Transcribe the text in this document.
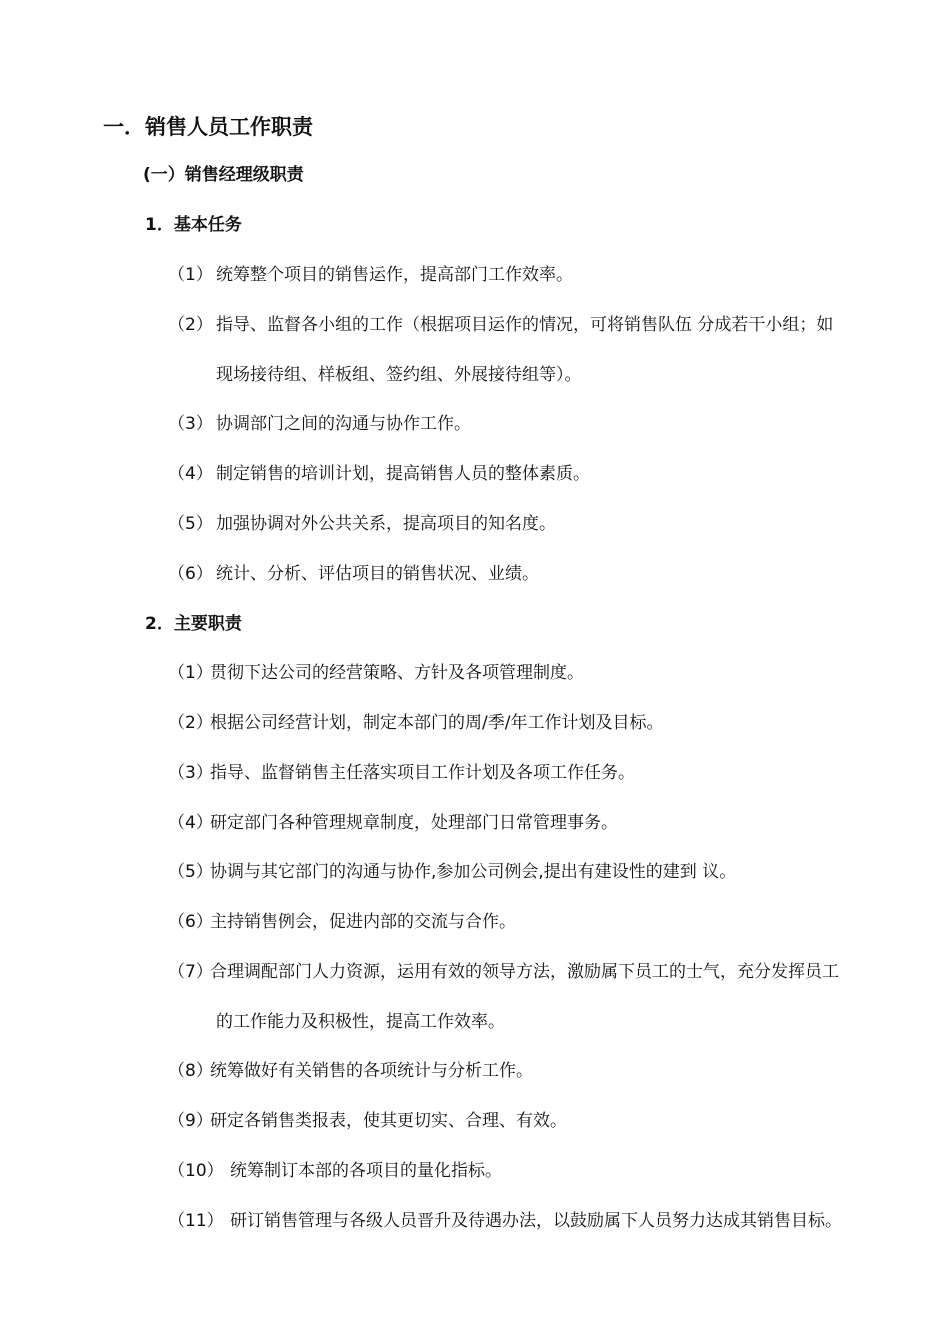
一．销售人员工作职责
(一）销售经理级职责
1．基本任务
（1） 统筹整个项目的销售运作，提高部门工作效率。
（2） 指导、监督各小组的工作（根据项目运作的情况，可将销售队伍 分成若干小组；如
现场接待组、样板组、签约组、外展接待组等）。
（3） 协调部门之间的沟通与协作工作。
（4） 制定销售的培训计划，提高销售人员的整体素质。
（5） 加强协调对外公共关系，提高项目的知名度。
（6） 统计、分析、评估项目的销售状况、业绩。
2．主要职责
（1）
贯彻下达公司的经营策略、方针及各项管理制度。
（2）
根据公司经营计划，制定本部门的周/季/年工作计划及目标。
（3）
指导、监督销售主任落实项目工作计划及各项工作任务。
（4）
研定部门各种管理规章制度，处理部门日常管理事务。
（5）
协调与其它部门的沟通与协作,参加公司例会,提出有建设性的建到 议。
（6）
主持销售例会，促进内部的交流与合作。
（7）
合理调配部门人力资源，运用有效的领导方法，激励属下员工的士气，充分发挥员工
的工作能力及积极性，提高工作效率。
（8）
统筹做好有关销售的各项统计与分析工作。
（9）
研定各销售类报表，使其更切实、合理、有效。
（10） 统筹制订本部的各项目的量化指标。
（11） 研订销售管理与各级人员晋升及待遇办法，以鼓励属下人员努力达成其销售目标。
